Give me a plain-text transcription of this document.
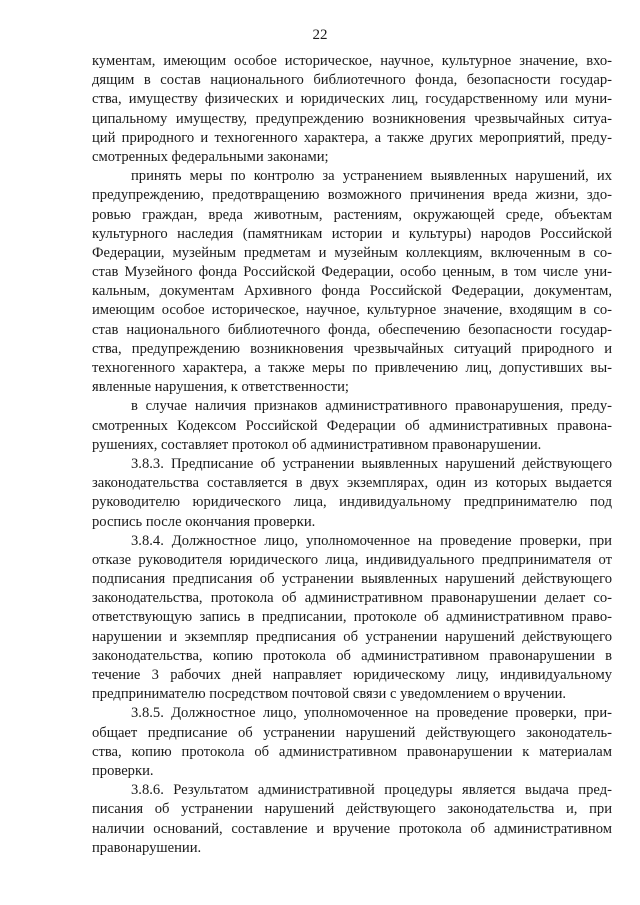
22
кументам, имеющим особое историческое, научное, культурное значение, вхо-
дящим в состав национального библиотечного фонда, безопасности государ-
ства, имуществу физических и юридических лиц, государственному или муни-
ципальному имуществу, предупреждению возникновения чрезвычайных ситуа-
ций природного и техногенного характера, а также других мероприятий, преду-
смотренных федеральными законами;
принять меры по контролю за устранением выявленных нарушений, их
предупреждению, предотвращению возможного причинения вреда жизни, здо-
ровью граждан, вреда животным, растениям, окружающей среде, объектам
культурного наследия (памятникам истории и культуры) народов Российской
Федерации, музейным предметам и музейным коллекциям, включенным в со-
став Музейного фонда Российской Федерации, особо ценным, в том числе уни-
кальным, документам Архивного фонда Российской Федерации, документам,
имеющим особое историческое, научное, культурное значение, входящим в со-
став национального библиотечного фонда, обеспечению безопасности государ-
ства, предупреждению возникновения чрезвычайных ситуаций природного и
техногенного характера, а также меры по привлечению лиц, допустивших вы-
явленные нарушения, к ответственности;
в случае наличия признаков административного правонарушения, преду-
смотренных Кодексом Российской Федерации об административных правона-
рушениях, составляет протокол об административном правонарушении.
3.8.3. Предписание об устранении выявленных нарушений действующего
законодательства составляется в двух экземплярах, один из которых выдается
руководителю юридического лица, индивидуальному предпринимателю под
роспись после окончания проверки.
3.8.4. Должностное лицо, уполномоченное на проведение проверки, при
отказе руководителя юридического лица, индивидуального предпринимателя от
подписания предписания об устранении выявленных нарушений действующего
законодательства, протокола об административном правонарушении делает со-
ответствующую запись в предписании, протоколе об административном право-
нарушении и экземпляр предписания об устранении нарушений действующего
законодательства, копию протокола об административном правонарушении в
течение 3 рабочих дней направляет юридическому лицу, индивидуальному
предпринимателю посредством почтовой связи с уведомлением о вручении.
3.8.5. Должностное лицо, уполномоченное на проведение проверки, при-
общает предписание об устранении нарушений действующего законодатель-
ства, копию протокола об административном правонарушении к материалам
проверки.
3.8.6. Результатом административной процедуры является выдача пред-
писания об устранении нарушений действующего законодательства и, при
наличии оснований, составление и вручение протокола об административном
правонарушении.
